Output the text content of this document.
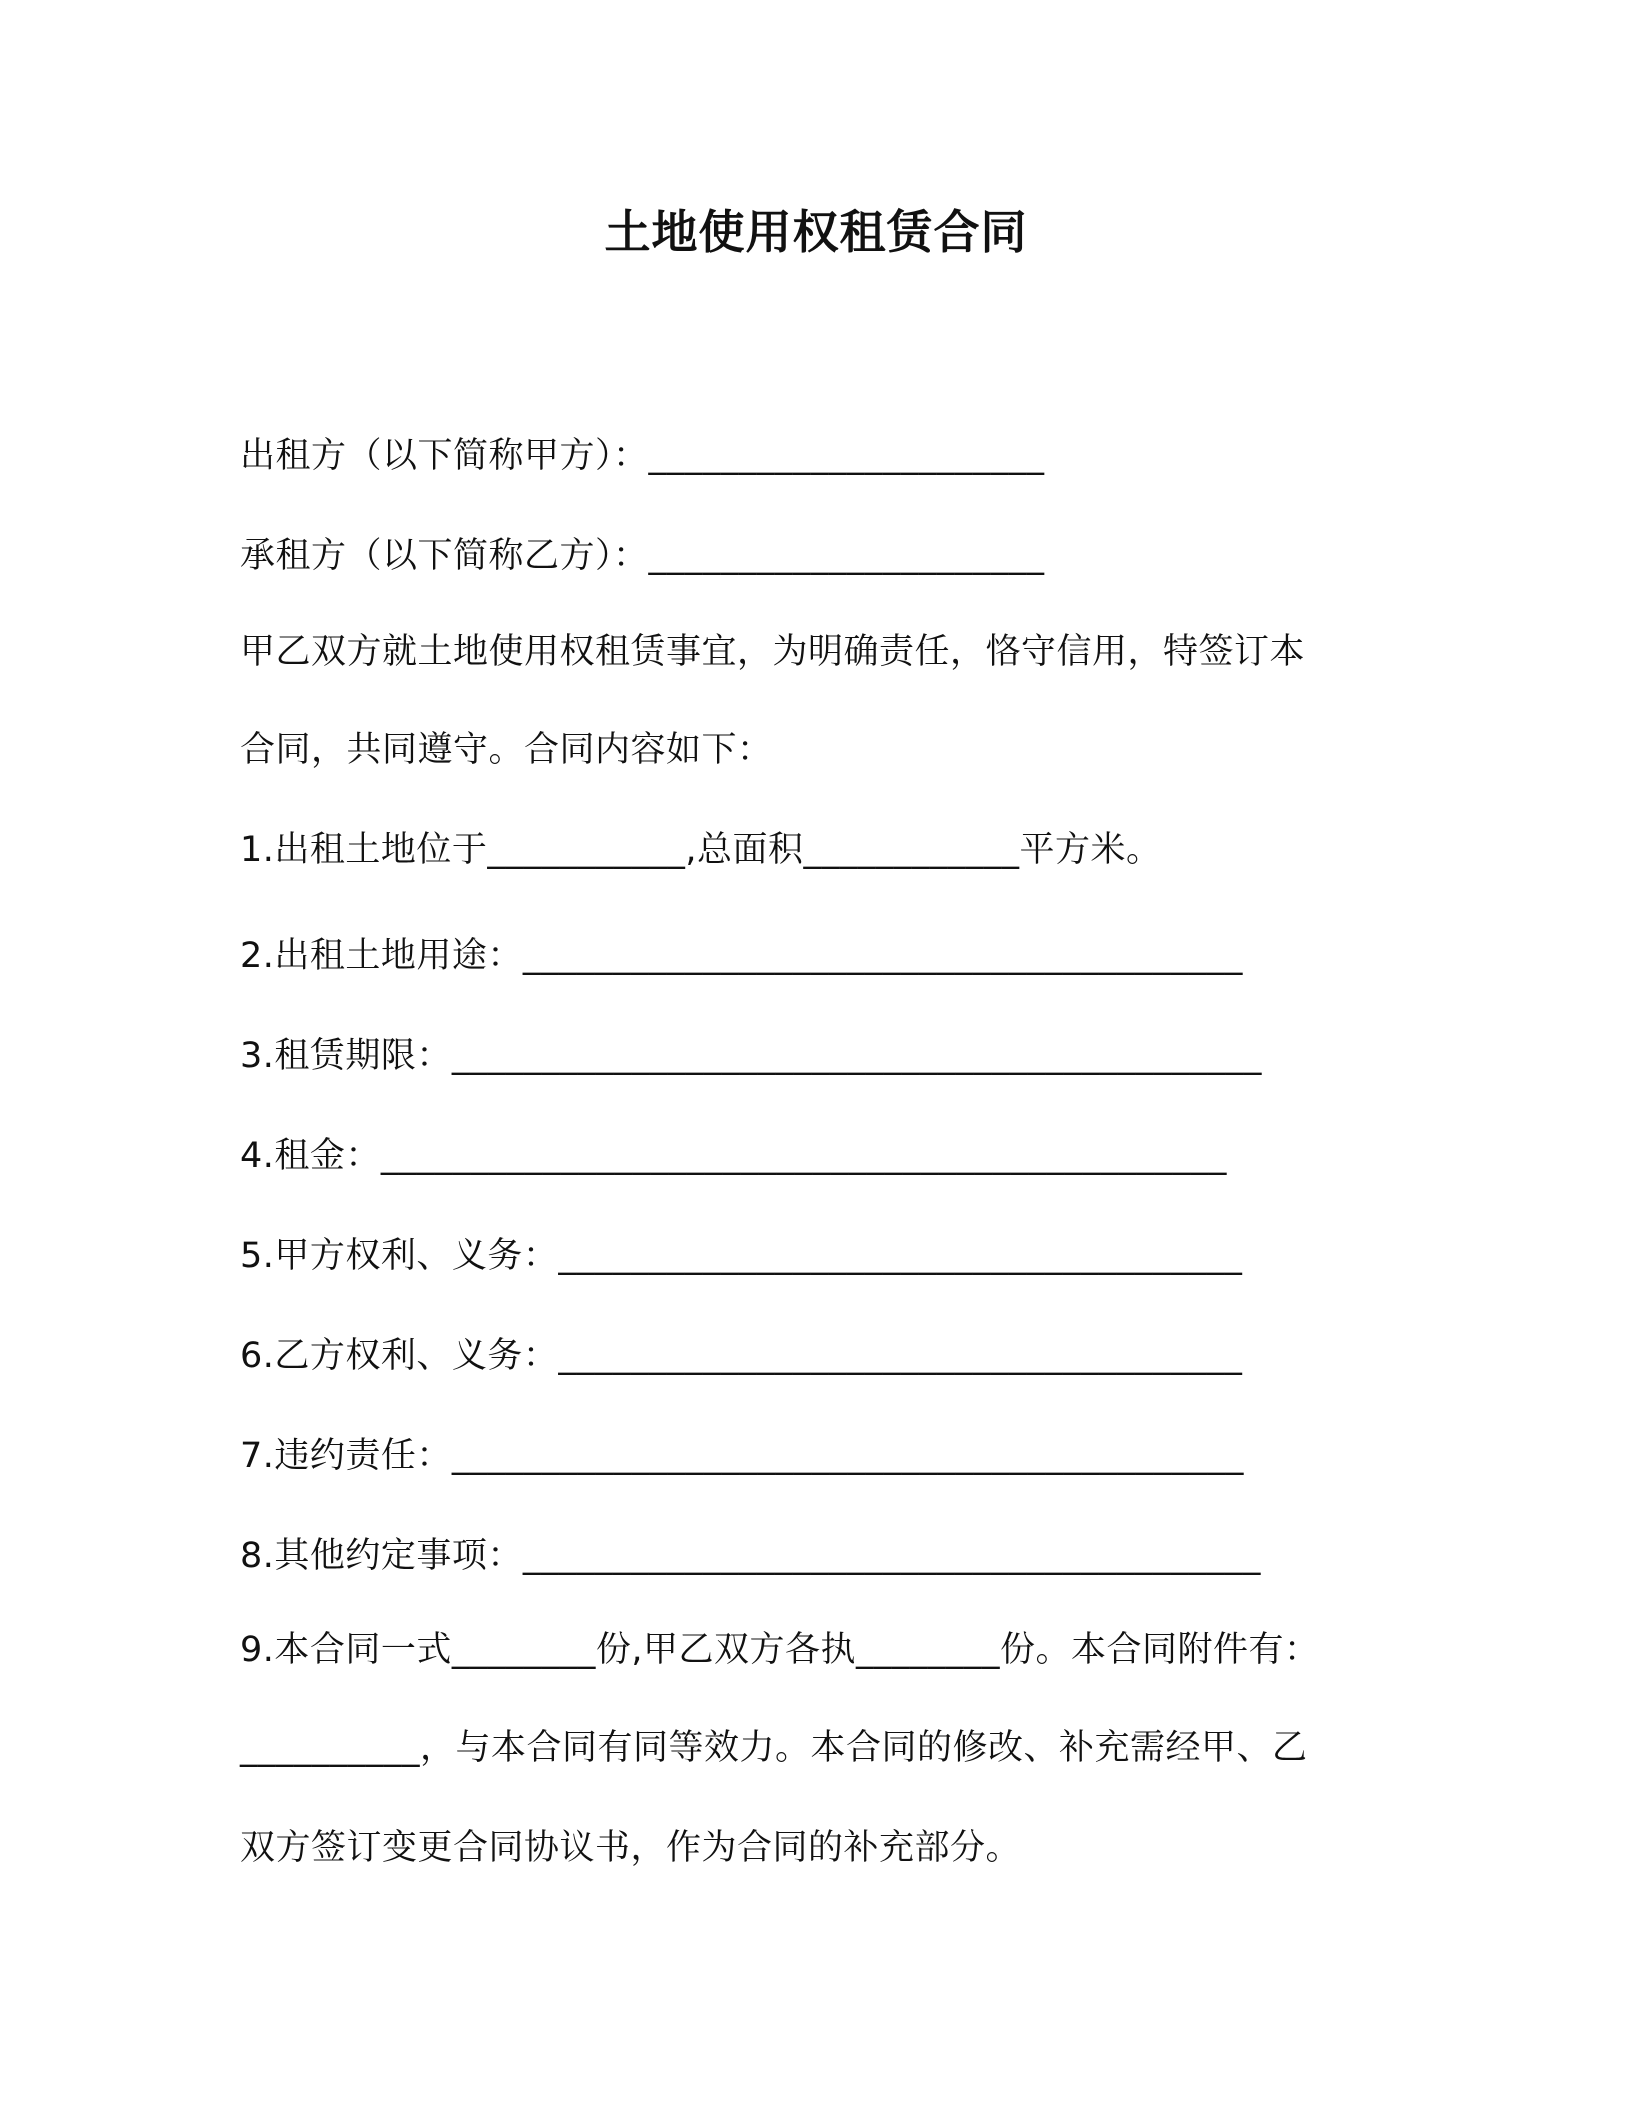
土地使用权租赁合同
出租方（以下简称甲方）：______________________
承租方（以下简称乙方）：______________________
甲乙双方就土地使用权租赁事宜，为明确责任，恪守信用，特签订本
合同，共同遵守。合同内容如下：
1.出租土地位于___________,总面积____________平方米。
2.出租土地用途：________________________________________
3.租赁期限：_____________________________________________
4.租金：_______________________________________________
5.甲方权利、义务：______________________________________
6.乙方权利、义务：______________________________________
7.违约责任：____________________________________________
8.其他约定事项：_________________________________________
9.本合同一式________份,甲乙双方各执________份。本合同附件有：
__________，与本合同有同等效力。本合同的修改、补充需经甲、乙
双方签订变更合同协议书，作为合同的补充部分。
